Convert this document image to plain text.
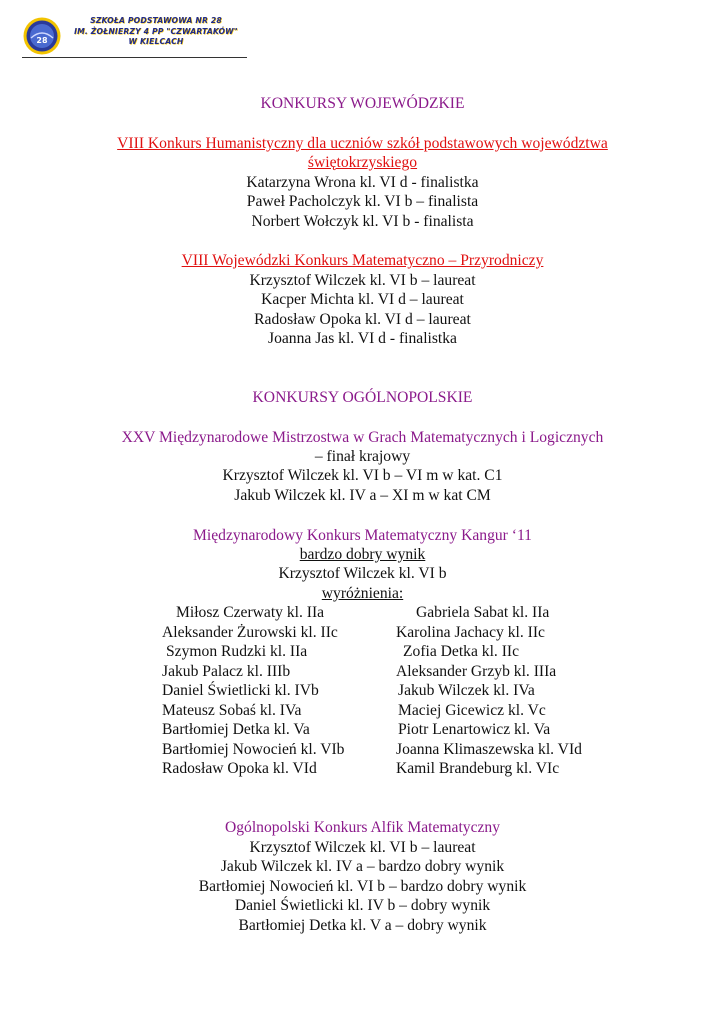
28
SZKOŁA PODSTAWOWA NR 28
IM. ŻOŁNIERZY 4 PP "CZWARTAKÓW"
W KIELCACH
KONKURSY WOJEWÓDZKIE
VIII Konkurs Humanistyczny dla uczniów szkół podstawowych województwa
świętokrzyskiego
Katarzyna Wrona kl. VI d - finalistka
Paweł Pacholczyk kl. VI b – finalista
Norbert Wołczyk kl. VI b - finalista
VIII Wojewódzki Konkurs Matematyczno – Przyrodniczy
Krzysztof Wilczek kl. VI b – laureat
Kacper Michta kl. VI d – laureat
Radosław Opoka kl. VI d – laureat
Joanna Jas kl. VI d - finalistka
KONKURSY OGÓLNOPOLSKIE
XXV Międzynarodowe Mistrzostwa w Grach Matematycznych i Logicznych
– finał krajowy
Krzysztof Wilczek kl. VI b – VI m w kat. C1
Jakub Wilczek kl. IV a – XI m w kat CM
Międzynarodowy Konkurs Matematyczny Kangur ‘11
bardzo dobry wynik
Krzysztof Wilczek kl. VI b
wyróżnienia:
Miłosz Czerwaty kl. IIa
Aleksander Żurowski kl. IIc
Szymon Rudzki kl. IIa
Jakub Palacz kl. IIIb
Daniel Świetlicki kl. IVb
Mateusz Sobaś kl. IVa
Bartłomiej Detka kl. Va
Bartłomiej Nowocień kl. VIb
Radosław Opoka kl. VId
Gabriela Sabat kl. IIa
Karolina Jachacy kl. IIc
Zofia Detka kl. IIc
Aleksander Grzyb kl. IIIa
Jakub Wilczek kl. IVa
Maciej Gicewicz kl. Vc
Piotr Lenartowicz kl. Va
Joanna Klimaszewska kl. VId
Kamil Brandeburg kl. VIc
Ogólnopolski Konkurs Alfik Matematyczny
Krzysztof Wilczek kl. VI b – laureat
Jakub Wilczek kl. IV a – bardzo dobry wynik
Bartłomiej Nowocień kl. VI b – bardzo dobry wynik
Daniel Świetlicki kl. IV b – dobry wynik
Bartłomiej Detka kl. V a – dobry wynik
